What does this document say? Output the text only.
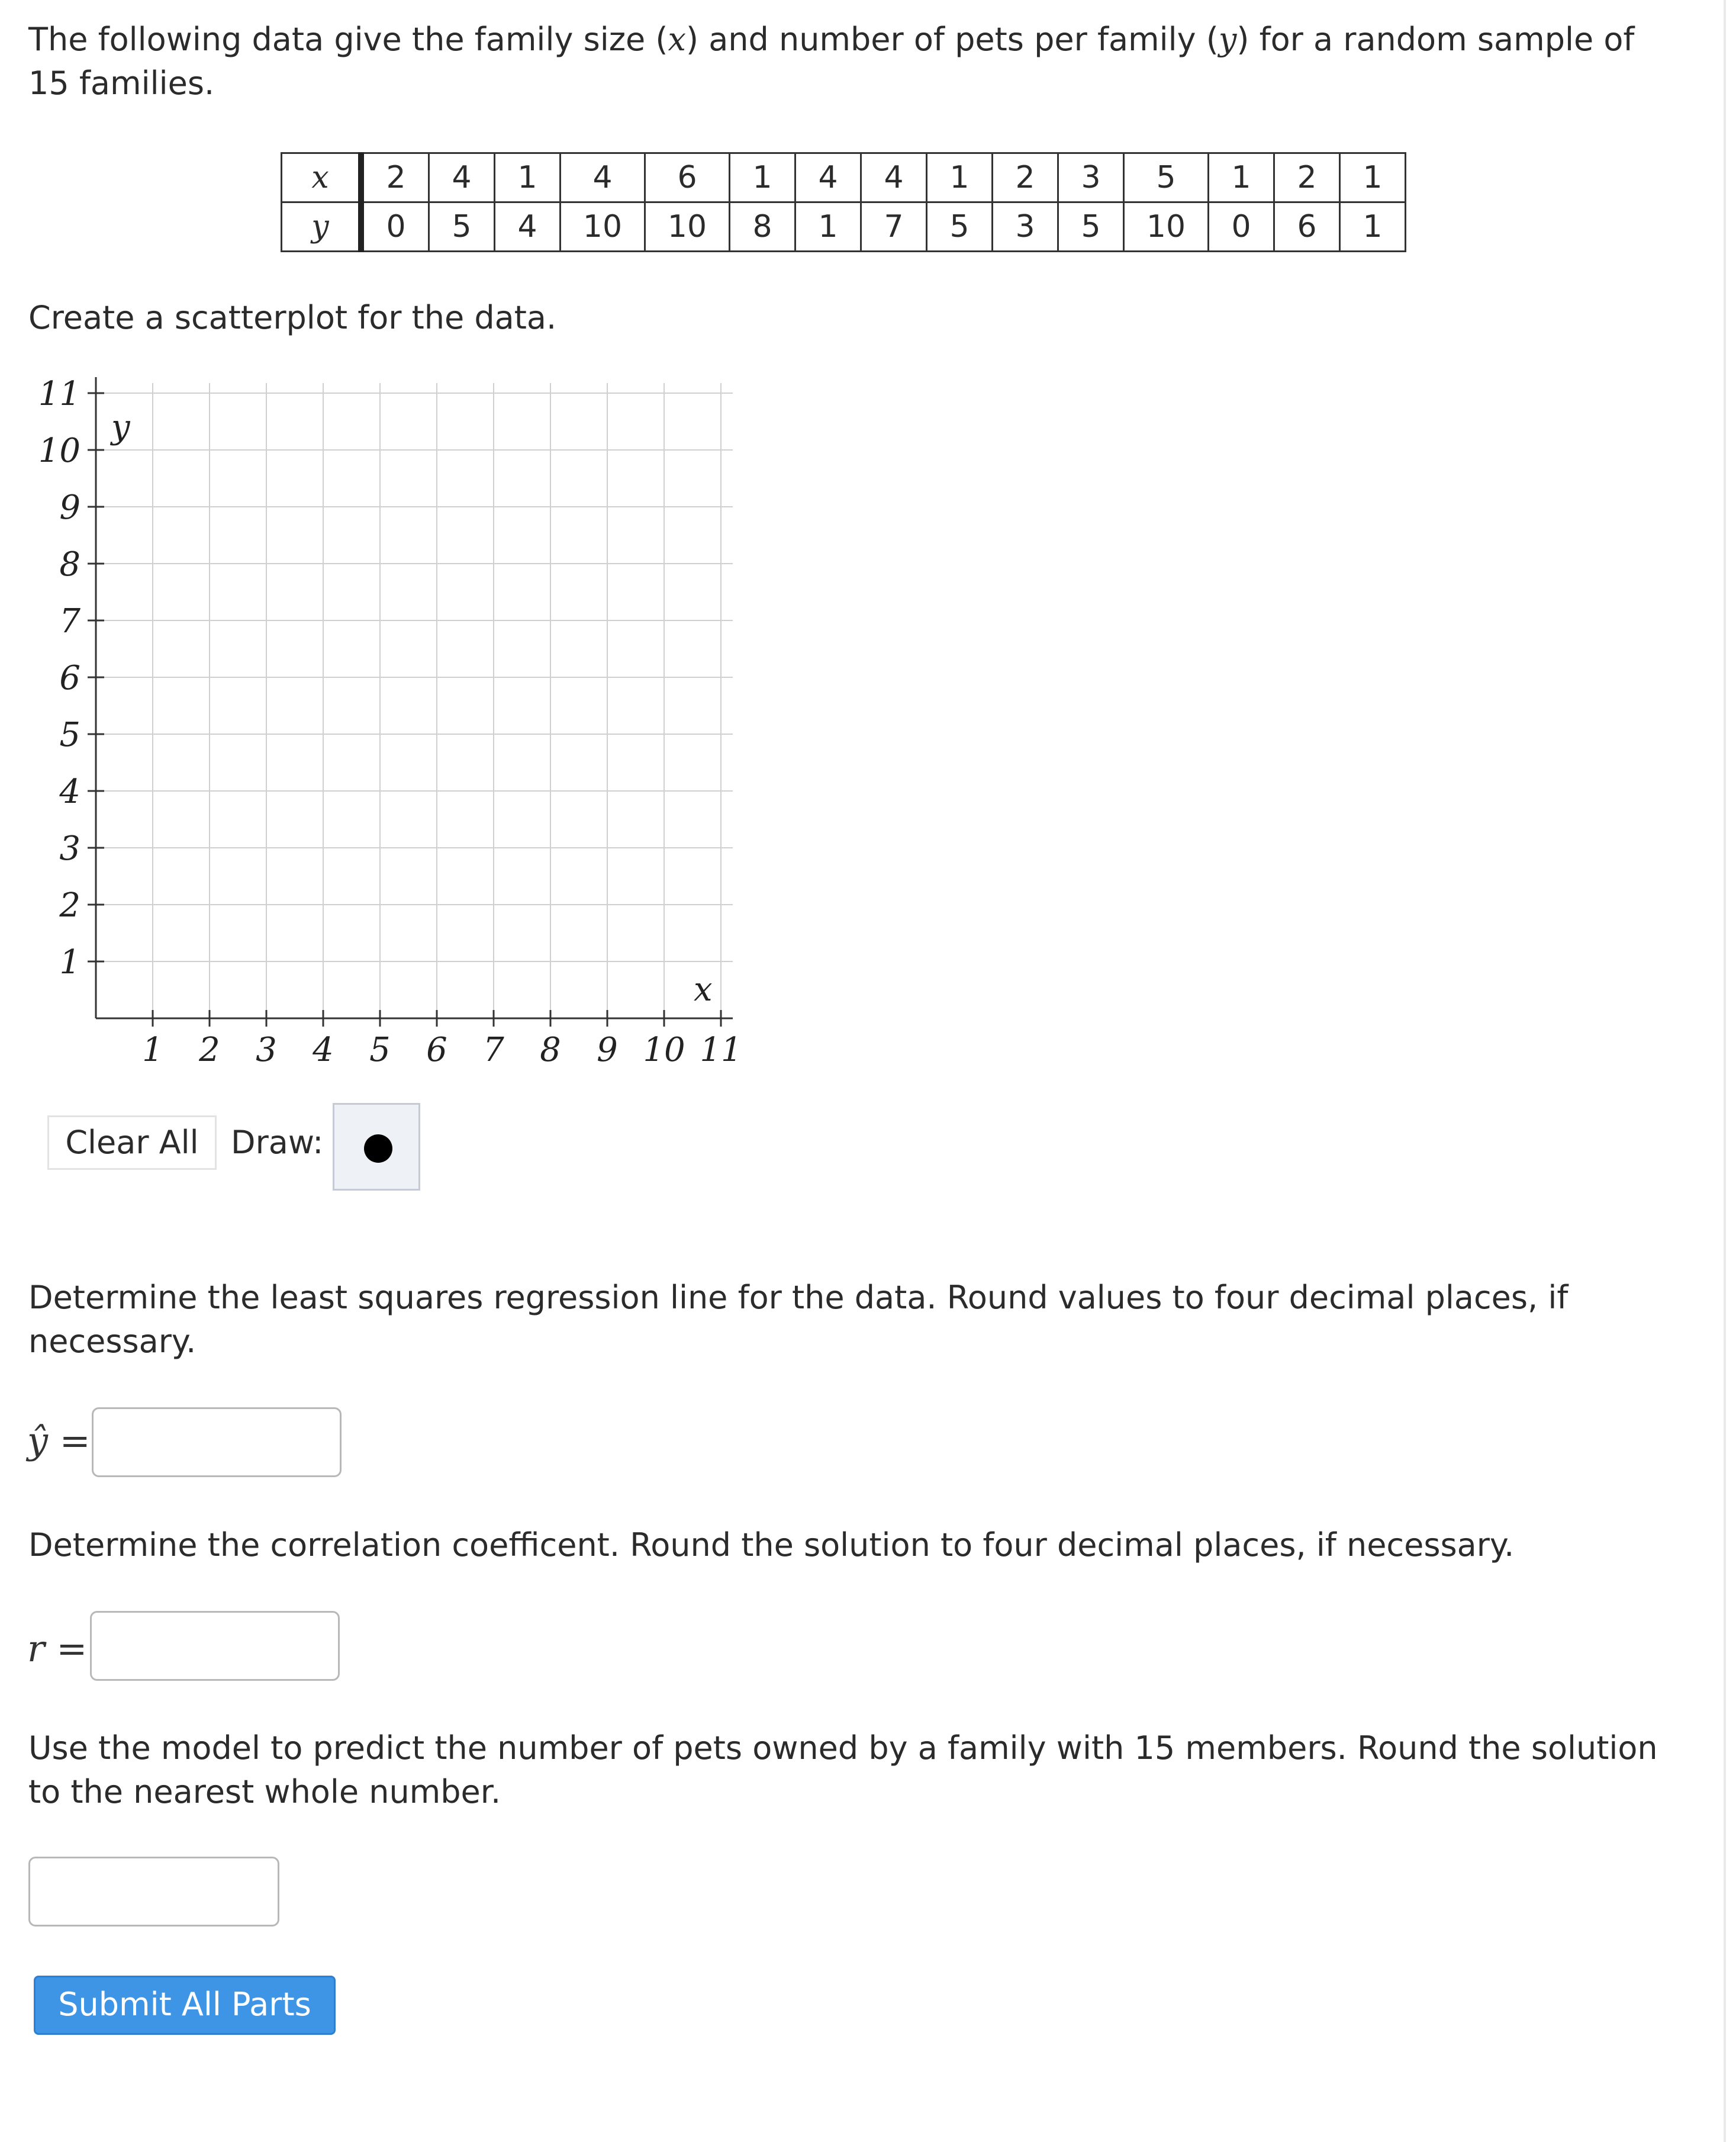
The following data give the family size (x) and number of pets per family (y) for a random sample of 15 families.
x	2	4	1	4	6	1	4	4	1	2	3	5	1	2	1
y	0	5	4	10	10	8	1	7	5	3	5	10	0	6	1
Create a scatterplot for the data.
1 2 3 4 5 6 7 8 9 10 11
1
2
3
4
5
6
7
8
9
10
11
x
y
Clear All	Draw:
Determine the least squares regression line for the data. Round values to four decimal places, if necessary.
ŷ =
Determine the correlation coefficent. Round the solution to four decimal places, if necessary.
r =
Use the model to predict the number of pets owned by a family with 15 members. Round the solution to the nearest whole number.
Submit All Parts
